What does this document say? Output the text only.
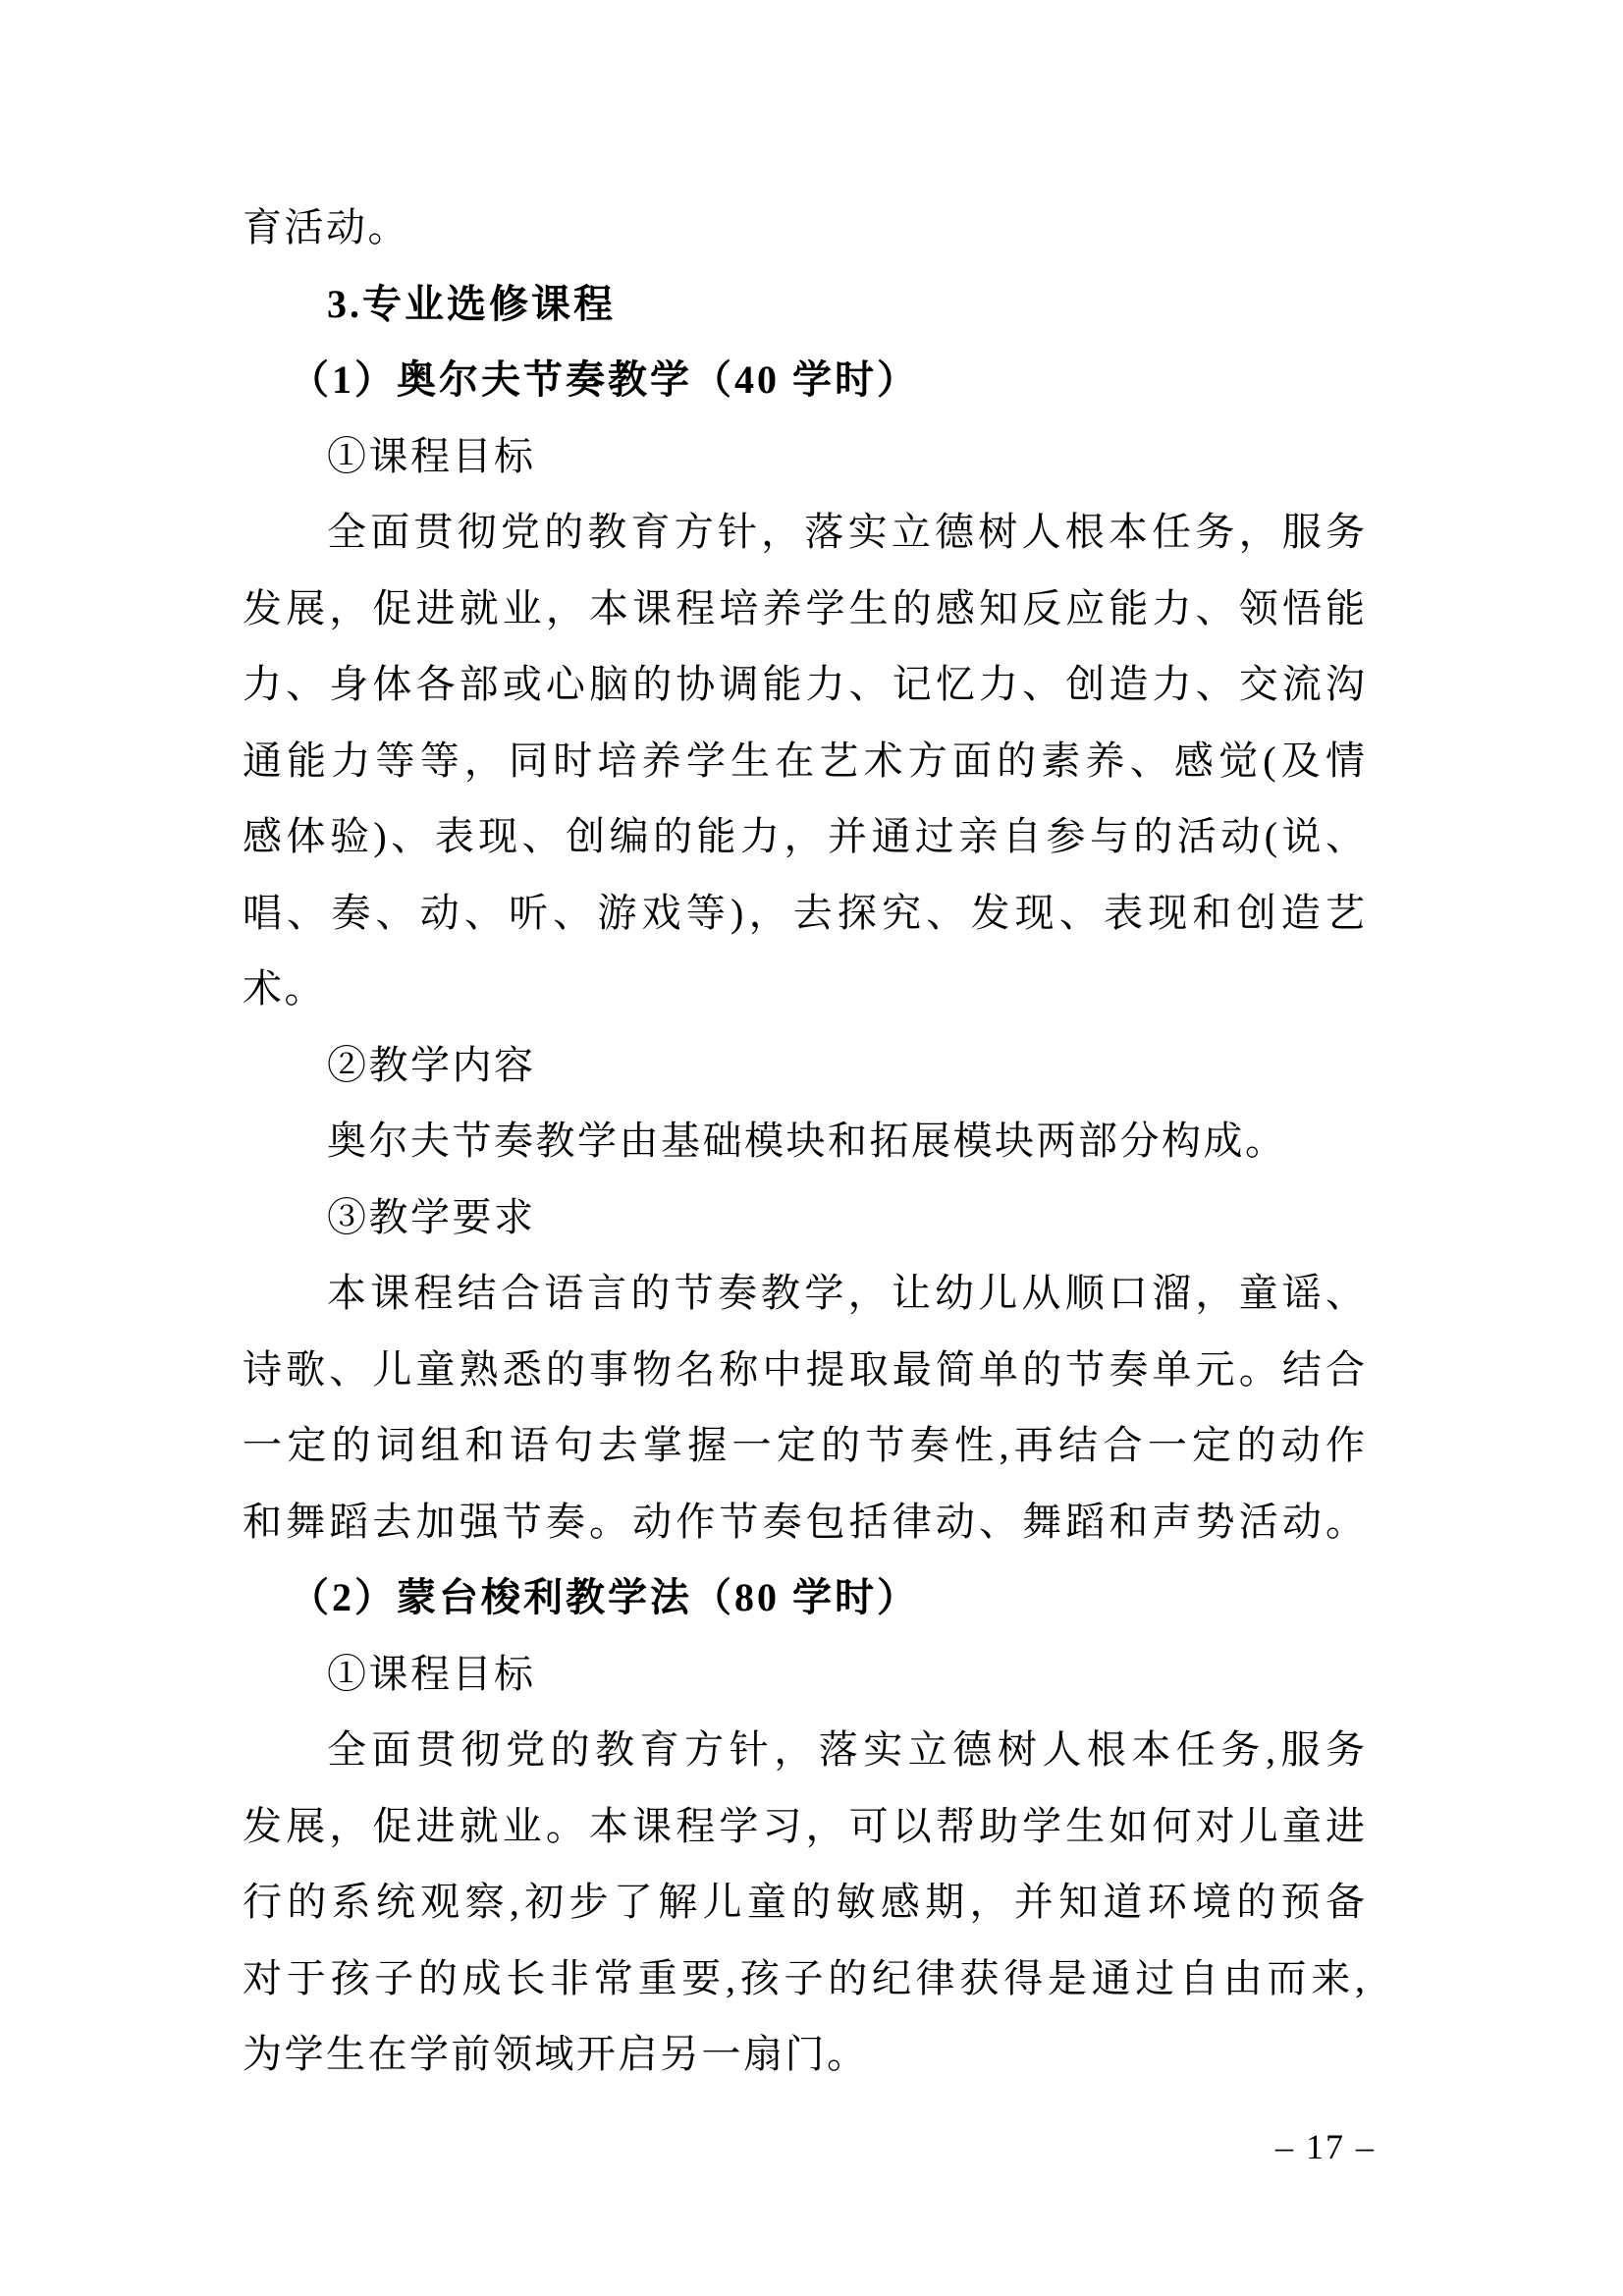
育活动。
3.专业选修课程
（1）奥尔夫节奏教学（40 学时）
①课程目标
全面贯彻党的教育方针，落实立德树人根本任务，服务
发展，促进就业，本课程培养学生的感知反应能力、领悟能
力、身体各部或心脑的协调能力、记忆力、创造力、交流沟
通能力等等，同时培养学生在艺术方面的素养、感觉(及情
感体验)、表现、创编的能力，并通过亲自参与的活动(说、
唱、奏、动、听、游戏等)，去探究、发现、表现和创造艺
术。
②教学内容
奥尔夫节奏教学由基础模块和拓展模块两部分构成。
③教学要求
本课程结合语言的节奏教学，让幼儿从顺口溜，童谣、
诗歌、儿童熟悉的事物名称中提取最简单的节奏单元。结合
一定的词组和语句去掌握一定的节奏性,再结合一定的动作
和舞蹈去加强节奏。动作节奏包括律动、舞蹈和声势活动。
（2）蒙台梭利教学法（80 学时）
①课程目标
全面贯彻党的教育方针，落实立德树人根本任务,服务
发展，促进就业。本课程学习，可以帮助学生如何对儿童进
行的系统观察,初步了解儿童的敏感期，并知道环境的预备
对于孩子的成长非常重要,孩子的纪律获得是通过自由而来,
为学生在学前领域开启另一扇门。
– 17 –
